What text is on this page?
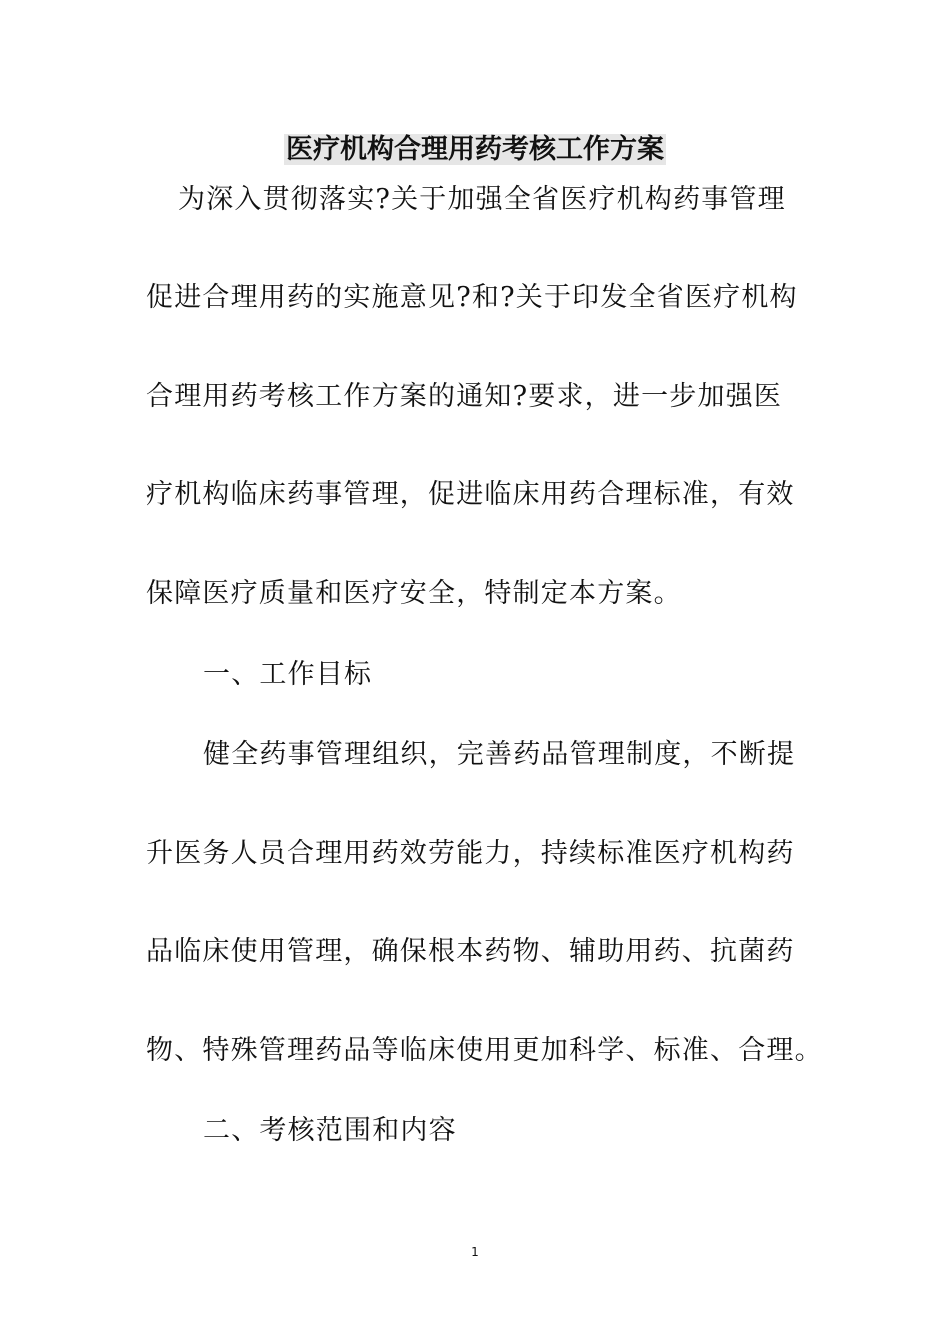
医疗机构合理用药考核工作方案
为深入贯彻落实?关于加强全省医疗机构药事管理
促进合理用药的实施意见?和?关于印发全省医疗机构
合理用药考核工作方案的通知?要求，进一步加强医
疗机构临床药事管理，促进临床用药合理标准，有效
保障医疗质量和医疗安全，特制定本方案。
一、工作目标
健全药事管理组织，完善药品管理制度，不断提
升医务人员合理用药效劳能力，持续标准医疗机构药
品临床使用管理，确保根本药物、辅助用药、抗菌药
物、特殊管理药品等临床使用更加科学、标准、合理。
二、考核范围和内容
1
